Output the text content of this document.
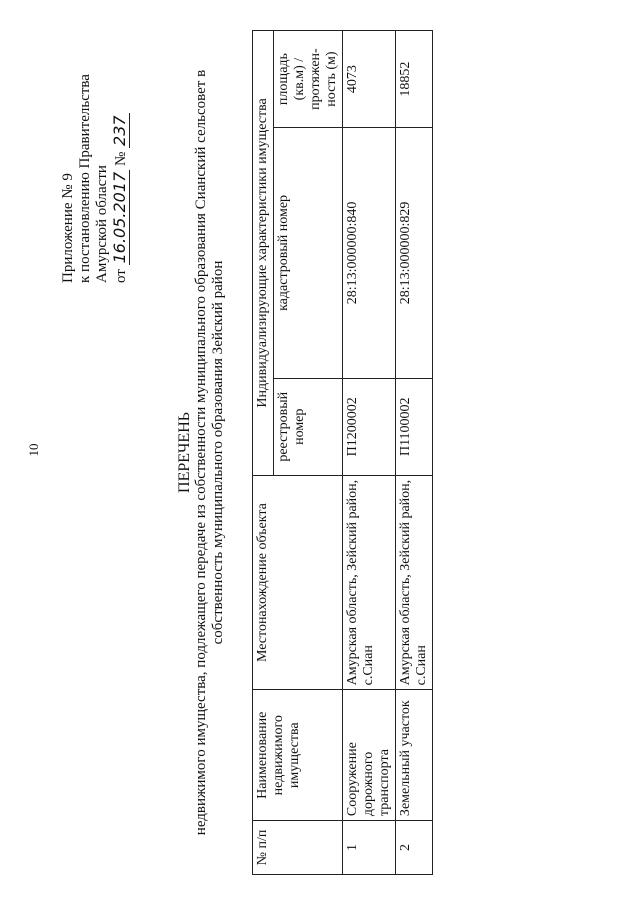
10
Приложение № 9 к постановлению Правительства Амурской области от 16.05.2017 № 237
ПЕРЕЧЕНЬ недвижимого имущества, подлежащего передаче из собственности муниципального образования Сианский сельсовет в собственность муниципального образования Зейский район
№ п/п	Наименование недвижимого имущества	Местонахождение объекта	Индивидуализирующие характеристики имущества		
			реестровый номер	кадастровый номер	площадь (кв.м) / протяжен-ность (м)
1	Сооружение дорожного транспорта	Амурская область, Зейский район, с.Сиан	П1200002	28:13:000000:840	4073
2	Земельный участок	Амурская область, Зейский район, с.Сиан	П1100002	28:13:000000:829	18852
